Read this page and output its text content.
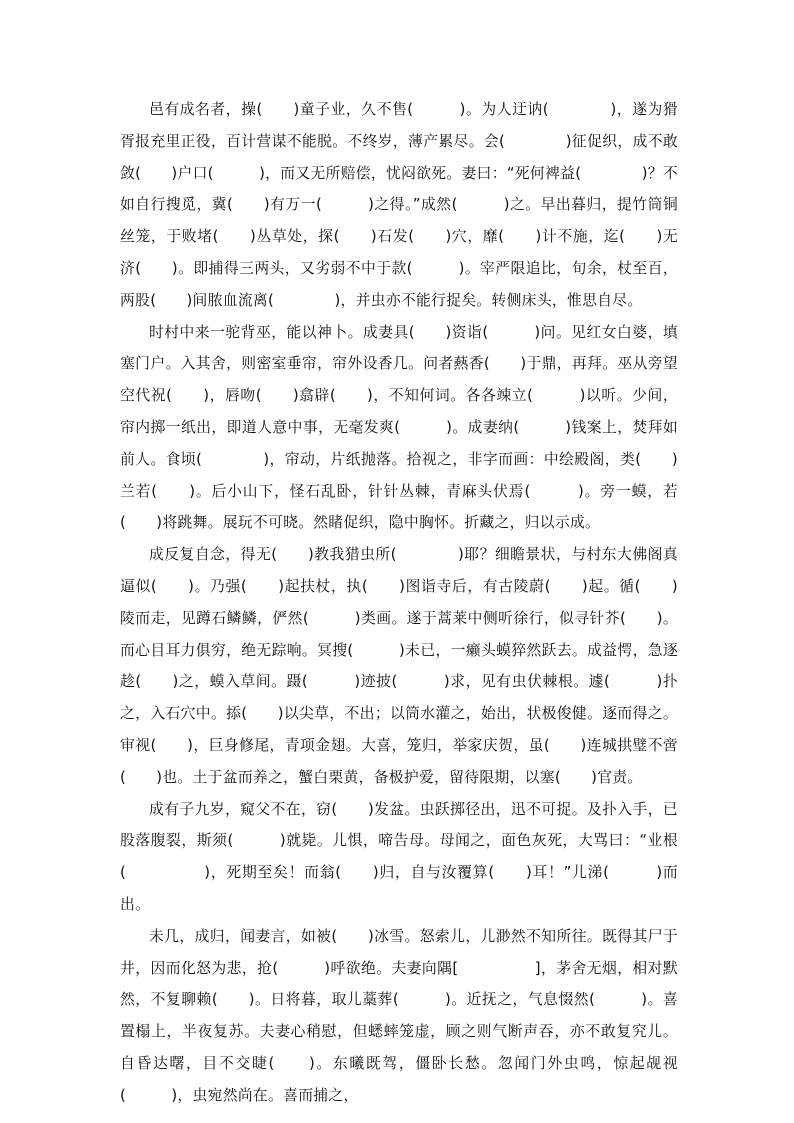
邑有成名者，操(　　)童子业，久不售(　　　)。为人迂讷(　　　　)，遂为猾胥报充里正役，百计营谋不能脱。不终岁，薄产累尽。会(　　　　)征促织，成不敢敛(　　)户口(　　　)，而又无所赔偿，忧闷欲死。妻曰：“死何裨益(　　　　)？不如自行搜觅，冀(　　)有万一(　　　)之得。”成然(　　　)之。早出暮归，提竹筒铜丝笼，于败堵(　　)丛草处，探(　　)石发(　　)穴，靡(　　)计不施，迄(　　)无济(　　)。即捕得三两头，又劣弱不中于款(　　　)。宰严限追比，旬余，杖至百，两股(　　)间脓血流离(　　　　)，并虫亦不能行捉矣。转侧床头，惟思自尽。

时村中来一驼背巫，能以神卜。成妻具(　　)资诣(　　　)问。见红女白婆，填塞门户。入其舍，则密室垂帘，帘外设香几。问者爇香(　　)于鼎，再拜。巫从旁望空代祝(　　)，唇吻(　　)翕辟(　　)，不知何词。各各竦立(　　　)以听。少间，帘内掷一纸出，即道人意中事，无毫发爽(　　　)。成妻纳(　　　)钱案上，焚拜如前人。食顷(　　　　)，帘动，片纸抛落。拾视之，非字而画：中绘殿阁，类(　　)兰若(　　)。后小山下，怪石乱卧，针针丛棘，青麻头伏焉(　　　)。旁一蟆，若(　　)将跳舞。展玩不可晓。然睹促织，隐中胸怀。折藏之，归以示成。

成反复自念，得无(　　)教我猎虫所(　　　　)耶？细瞻景状，与村东大佛阁真逼似(　　)。乃强(　　)起扶杖，执(　　)图诣寺后，有古陵蔚(　　)起。循(　　)陵而走，见蹲石鳞鳞，俨然(　　　)类画。遂于蒿莱中侧听徐行，似寻针芥(　　)。而心目耳力俱穷，绝无踪响。冥搜(　　　)未已，一癞头蟆猝然跃去。成益愕，急逐趁(　　)之，蟆入草间。蹑(　　　)迹披(　　　)求，见有虫伏棘根。遽(　　　)扑之，入石穴中。掭(　　)以尖草，不出；以筒水灌之，始出，状极俊健。逐而得之。审视(　　)，巨身修尾，青项金翅。大喜，笼归，举家庆贺，虽(　　)连城拱璧不啻(　　)也。土于盆而养之，蟹白栗黄，备极护爱，留待限期，以塞(　　)官责。

成有子九岁，窥父不在，窃(　　)发盆。虫跃掷径出，迅不可捉。及扑入手，已股落腹裂，斯须(　　　)就毙。儿惧，啼告母。母闻之，面色灰死，大骂曰：“业根(　　　　　)，死期至矣！而翁(　　)归，自与汝覆算(　　)耳！”儿涕(　　　)而出。

未几，成归，闻妻言，如被(　　)冰雪。怒索儿，儿渺然不知所往。既得其尸于井，因而化怒为悲，抢(　　　)呼欲绝。夫妻向隅[　　　　　]，茅舍无烟，相对默然，不复聊赖(　　)。日将暮，取儿藁葬(　　　)。近抚之，气息惙然(　　　)。喜置榻上，半夜复苏。夫妻心稍慰，但蟋蟀笼虚，顾之则气断声吞，亦不敢复究儿。自昏达曙，目不交睫(　　)。东曦既驾，僵卧长愁。忽闻门外虫鸣，惊起觇视(　　　)，虫宛然尚在。喜而捕之，
